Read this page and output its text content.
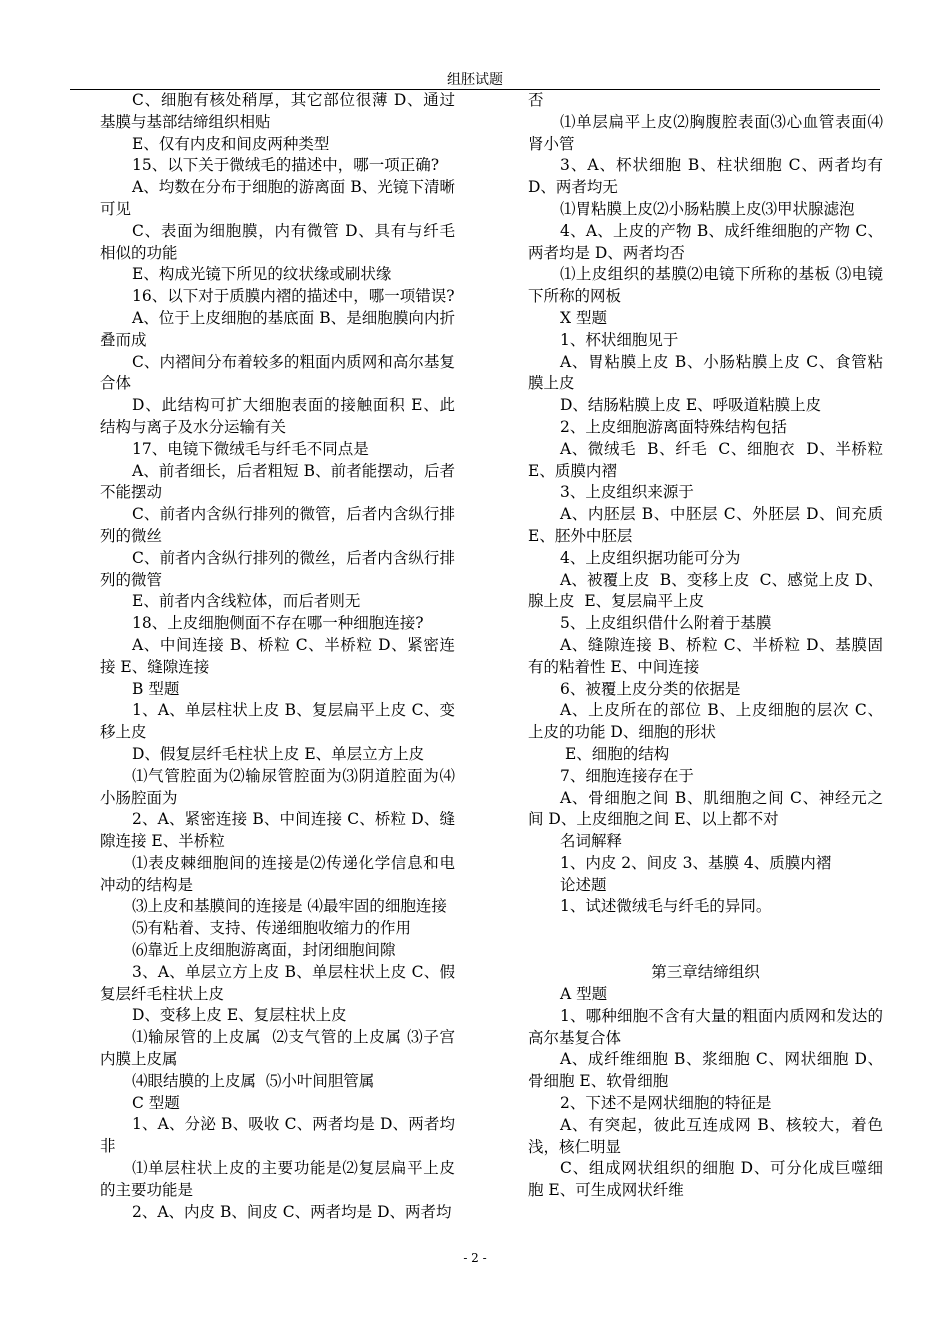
组胚试题

C、细胞有核处稍厚，其它部位很薄 D、通过基膜与基部结缔组织相贴

E、仅有内皮和间皮两种类型

15、以下关于微绒毛的描述中，哪一项正确?

A、均数在分布于细胞的游离面 B、光镜下清晰可见

C、表面为细胞膜，内有微管 D、具有与纤毛相似的功能

E、构成光镜下所见的纹状缘或刷状缘

16、以下对于质膜内褶的描述中，哪一项错误?

A、位于上皮细胞的基底面 B、是细胞膜向内折叠而成

C、内褶间分布着较多的粗面内质网和高尔基复合体

D、此结构可扩大细胞表面的接触面积 E、此结构与离子及水分运输有关

17、电镜下微绒毛与纤毛不同点是

A、前者细长，后者粗短 B、前者能摆动，后者不能摆动

C、前者内含纵行排列的微管，后者内含纵行排列的微丝

C、前者内含纵行排列的微丝，后者内含纵行排列的微管

E、前者内含线粒体，而后者则无

18、上皮细胞侧面不存在哪一种细胞连接?

A、中间连接 B、桥粒 C、半桥粒 D、紧密连接 E、缝隙连接

B 型题

1、A、单层柱状上皮 B、复层扁平上皮 C、变移上皮

D、假复层纤毛柱状上皮 E、单层立方上皮

⑴气管腔面为⑵输尿管腔面为⑶阴道腔面为⑷小肠腔面为

2、A、紧密连接 B、中间连接 C、桥粒 D、缝隙连接 E、半桥粒

⑴表皮棘细胞间的连接是⑵传递化学信息和电冲动的结构是

⑶上皮和基膜间的连接是 ⑷最牢固的细胞连接

⑸有粘着、支持、传递细胞收缩力的作用

⑹靠近上皮细胞游离面，封闭细胞间隙

3、A、单层立方上皮 B、单层柱状上皮 C、假复层纤毛柱状上皮

D、变移上皮 E、复层柱状上皮

⑴输尿管的上皮属  ⑵支气管的上皮属 ⑶子宫内膜上皮属

⑷眼结膜的上皮属  ⑸小叶间胆管属

C 型题

1、A、分泌 B、吸收 C、两者均是 D、两者均非

⑴单层柱状上皮的主要功能是⑵复层扁平上皮的主要功能是

2、A、内皮 B、间皮 C、两者均是 D、两者均

否

⑴单层扁平上皮⑵胸腹腔表面⑶心血管表面⑷肾小管

3、A、杯状细胞 B、柱状细胞 C、两者均有 D、两者均无

⑴胃粘膜上皮⑵小肠粘膜上皮⑶甲状腺滤泡

4、A、上皮的产物 B、成纤维细胞的产物 C、两者均是 D、两者均否

⑴上皮组织的基膜⑵电镜下所称的基板 ⑶电镜下所称的网板

X 型题

1、杯状细胞见于

A、胃粘膜上皮 B、小肠粘膜上皮 C、食管粘膜上皮

D、结肠粘膜上皮 E、呼吸道粘膜上皮

2、上皮细胞游离面特殊结构包括

A、微绒毛  B、纤毛  C、细胞衣  D、半桥粒  E、质膜内褶

3、上皮组织来源于

A、内胚层 B、中胚层 C、外胚层 D、间充质 E、胚外中胚层

4、上皮组织据功能可分为

A、被覆上皮  B、变移上皮  C、感觉上皮 D、腺上皮  E、复层扁平上皮

5、上皮组织借什么附着于基膜

A、缝隙连接 B、桥粒 C、半桥粒 D、基膜固有的粘着性 E、中间连接

6、被覆上皮分类的依据是

A、上皮所在的部位 B、上皮细胞的层次 C、上皮的功能 D、细胞的形状

E、细胞的结构

7、细胞连接存在于

A、骨细胞之间 B、肌细胞之间 C、神经元之间 D、上皮细胞之间 E、以上都不对

名词解释

1、内皮 2、间皮 3、基膜 4、质膜内褶

论述题

1、试述微绒毛与纤毛的异同。

第三章结缔组织

A 型题

1、哪种细胞不含有大量的粗面内质网和发达的高尔基复合体

A、成纤维细胞 B、浆细胞 C、网状细胞 D、骨细胞 E、软骨细胞

2、下述不是网状细胞的特征是

A、有突起，彼此互连成网 B、核较大，着色浅，核仁明显

C、组成网状组织的细胞 D、可分化成巨噬细胞 E、可生成网状纤维

- 2 -
